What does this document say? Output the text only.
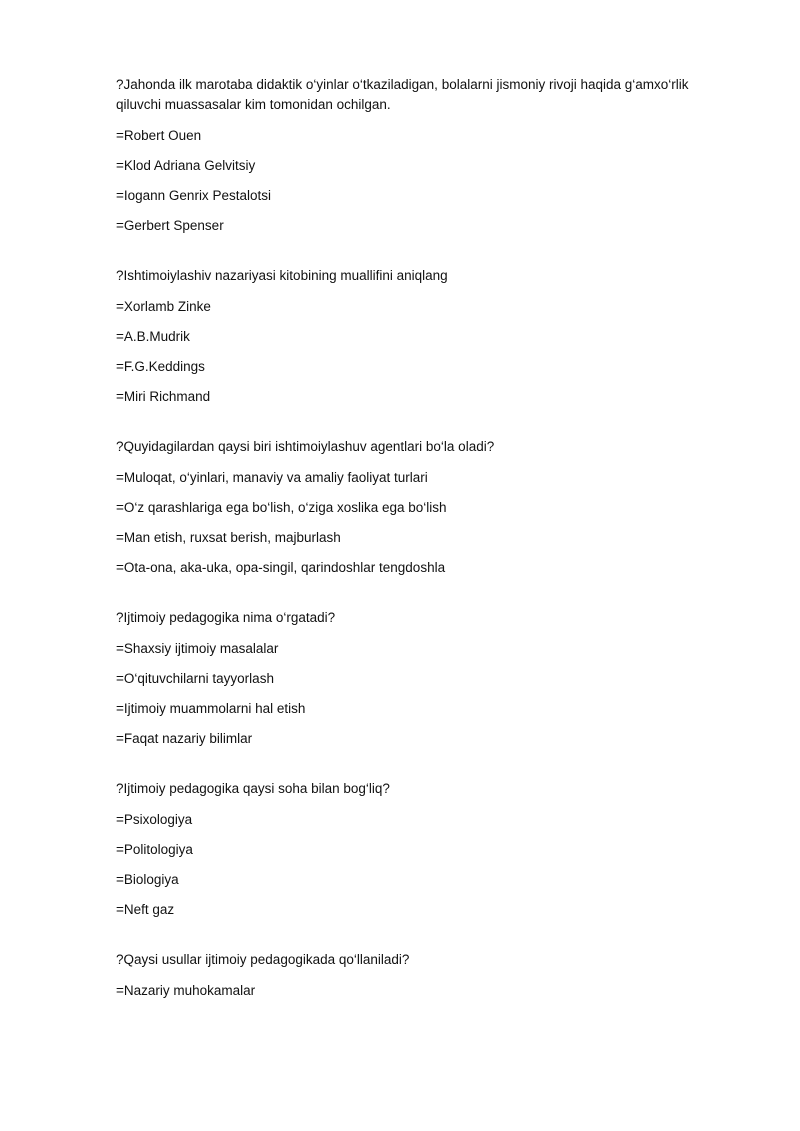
?Jahonda ilk marotaba didaktik o‘yinlar o‘tkaziladigan, bolalarni jismoniy rivoji haqida g‘amxo‘rlik qiluvchi muassasalar kim tomonidan ochilgan.

=Robert Ouen

=Klod Adriana Gelvitsiy

=Iogann Genrix Pestalotsi

=Gerbert Spenser

?Ishtimoiylashiv nazariyasi kitobining muallifini aniqlang

=Xorlamb Zinke

=A.B.Mudrik

=F.G.Keddings

=Miri Richmand

?Quyidagilardan qaysi biri ishtimoiylashuv agentlari bo‘la oladi?

=Muloqat, o‘yinlari, manaviy va amaliy faoliyat turlari

=O‘z qarashlariga ega bo‘lish, o‘ziga xoslika ega bo‘lish

=Man etish, ruxsat berish, majburlash

=Ota-ona, aka-uka, opa-singil, qarindoshlar tengdoshla

?Ijtimoiy pedagogika nima o‘rgatadi?

=Shaxsiy ijtimoiy masalalar

=O‘qituvchilarni tayyorlash

=Ijtimoiy muammolarni hal etish

=Faqat nazariy bilimlar

?Ijtimoiy pedagogika qaysi soha bilan bog‘liq?

=Psixologiya

=Politologiya

=Biologiya

=Neft gaz

?Qaysi usullar ijtimoiy pedagogikada qo‘llaniladi?

=Nazariy muhokamalar
